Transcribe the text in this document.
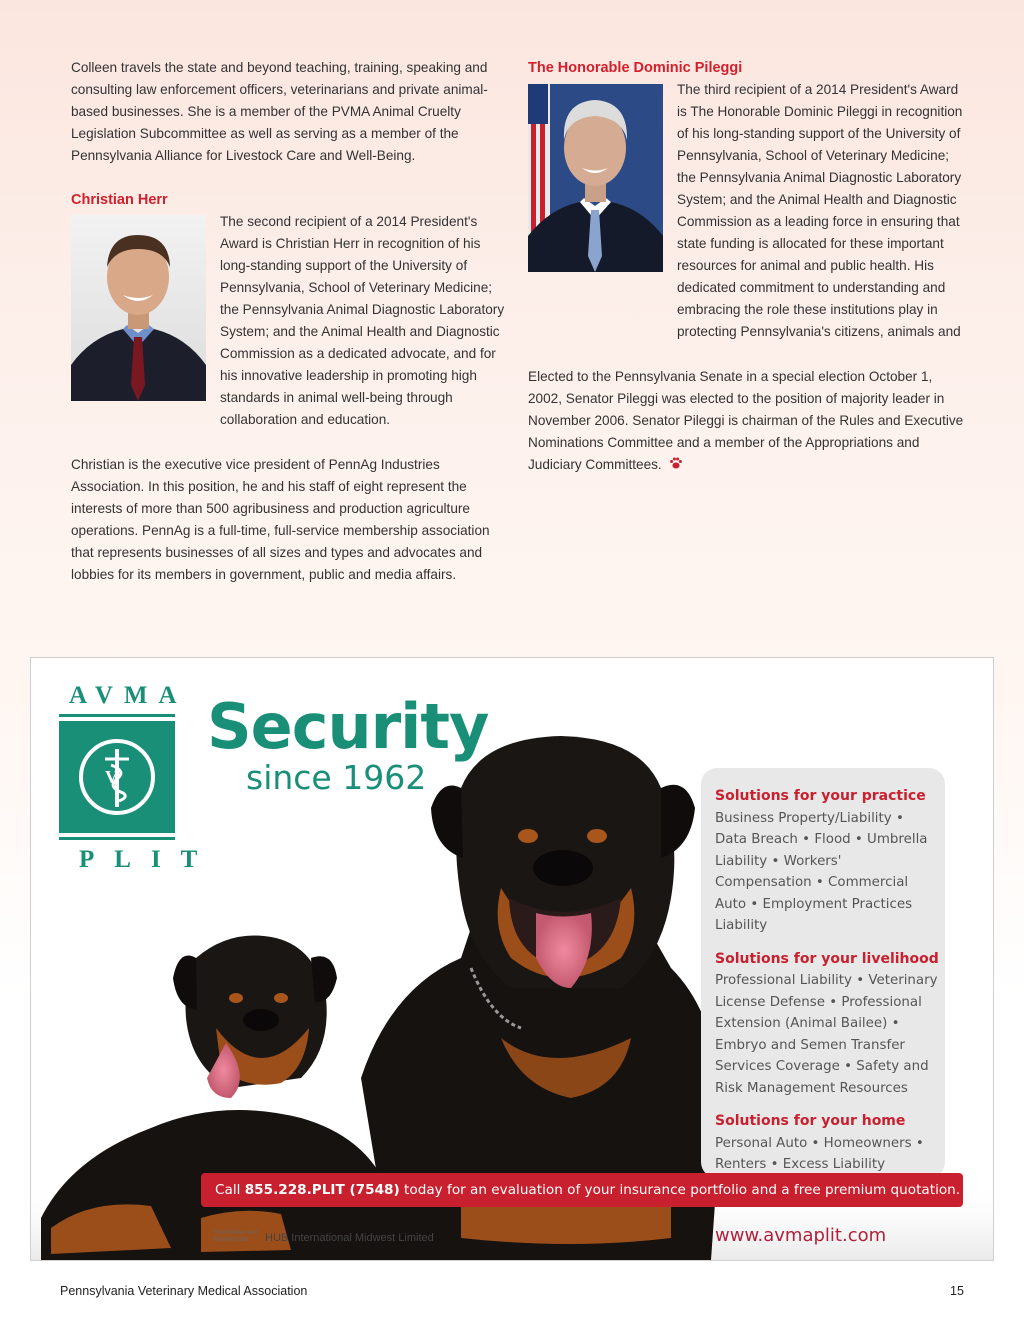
Colleen travels the state and beyond teaching, training, speaking and consulting law enforcement officers, veterinarians and private animal-based businesses. She is a member of the PVMA Animal Cruelty Legislation Subcommittee as well as serving as a member of the Pennsylvania Alliance for Livestock Care and Well-Being.

Christian Herr

The second recipient of a 2014 President's Award is Christian Herr in recognition of his long-standing support of the University of Pennsylvania, School of Veterinary Medicine; the Pennsylvania Animal Diagnostic Laboratory System; and the Animal Health and Diagnostic Commission as a dedicated advocate, and for his innovative leadership in promoting high standards in animal well-being through collaboration and education.

Christian is the executive vice president of PennAg Industries Association. In this position, he and his staff of eight represent the interests of more than 500 agribusiness and production agriculture operations. PennAg is a full-time, full-service membership association that represents businesses of all sizes and types and advocates and lobbies for its members in government, public and media affairs.

The Honorable Dominic Pileggi

The third recipient of a 2014 President's Award is The Honorable Dominic Pileggi in recognition of his long-standing support of the University of Pennsylvania, School of Veterinary Medicine; the Pennsylvania Animal Diagnostic Laboratory System; and the Animal Health and Diagnostic Commission as a leading force in ensuring that state funding is allocated for these important resources for animal and public health. His dedicated commitment to understanding and

embracing the role these institutions play in protecting Pennsylvania's citizens, animals and

Elected to the Pennsylvania Senate in a special election October 1, 2002, Senator Pileggi was elected to the position of majority leader in November 2006. Senator Pileggi is chairman of the Rules and Executive Nominations Committee and a member of the Appropriations and Judiciary Committees.

AVMA
V
PLIT
Security
since 1962	Solutions for your practice
Business Property/Liability • Data Breach • Flood • Umbrella Liability • Workers' Compensation • Commercial Auto • Employment Practices Liability
Solutions for your livelihood
Professional Liability • Veterinary License Defense • Professional Extension (Animal Bailee) • Embryo and Semen Transfer Services Coverage • Safety and Risk Management Resources
Solutions for your home
Personal Auto • Homeowners • Renters • Excess Liability
Call 855.228.PLIT (7548) today for an evaluation of your insurance portfolio and a free premium quotation.
Trust Broker and Administrator:	HUB International Midwest Limited	www.avmaplit.com
Pennsylvania Veterinary Medical Association	15
